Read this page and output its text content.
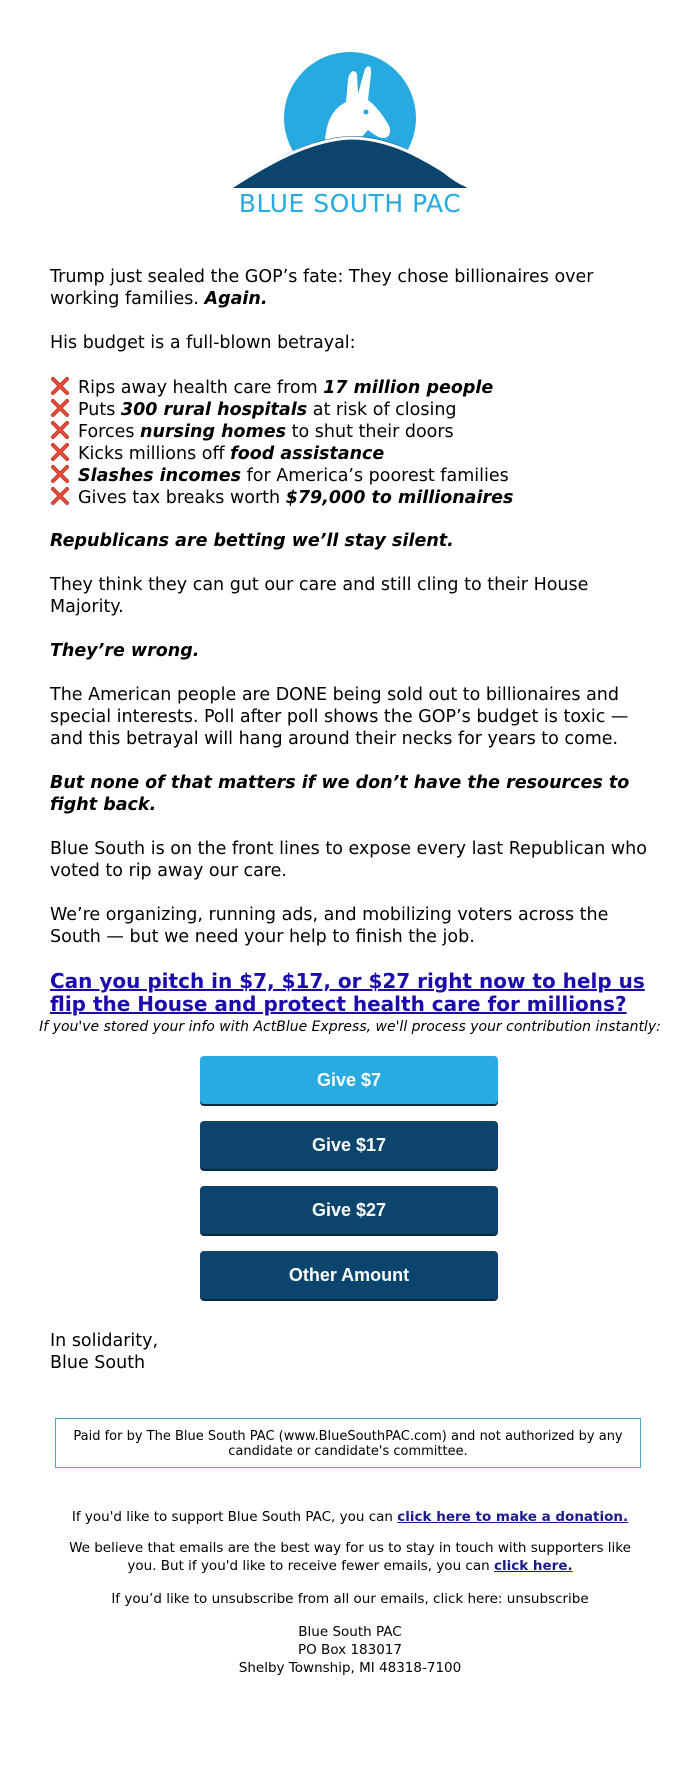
BLUE SOUTH PAC

Trump just sealed the GOP’s fate: They chose billionaires over working families. Again.

His budget is a full-blown betrayal:

Rips away health care from 17 million people
Puts 300 rural hospitals at risk of closing
Forces nursing homes to shut their doors
Kicks millions off food assistance
Slashes incomes for America’s poorest families
Gives tax breaks worth $79,000 to millionaires

Republicans are betting we’ll stay silent.

They think they can gut our care and still cling to their House Majority.

They’re wrong.

The American people are DONE being sold out to billionaires and special interests. Poll after poll shows the GOP’s budget is toxic — and this betrayal will hang around their necks for years to come.

But none of that matters if we don’t have the resources to fight back.

Blue South is on the front lines to expose every last Republican who voted to rip away our care.

We’re organizing, running ads, and mobilizing voters across the South — but we need your help to finish the job.

Can you pitch in $7, $17, or $27 right now to help us flip the House and protect health care for millions?
If you've stored your info with ActBlue Express, we'll process your contribution instantly:
Give $7
Give $17
Give $27
Other Amount
In solidarity,
Blue South
Paid for by The Blue South PAC (www.BlueSouthPAC.com) and not authorized by any candidate or candidate's committee.
If you'd like to support Blue South PAC, you can click here to make a donation.
We believe that emails are the best way for us to stay in touch with supporters like you. But if you'd like to receive fewer emails, you can click here.
If you’d like to unsubscribe from all our emails, click here: unsubscribe
Blue South PAC
PO Box 183017
Shelby Township, MI 48318-7100
